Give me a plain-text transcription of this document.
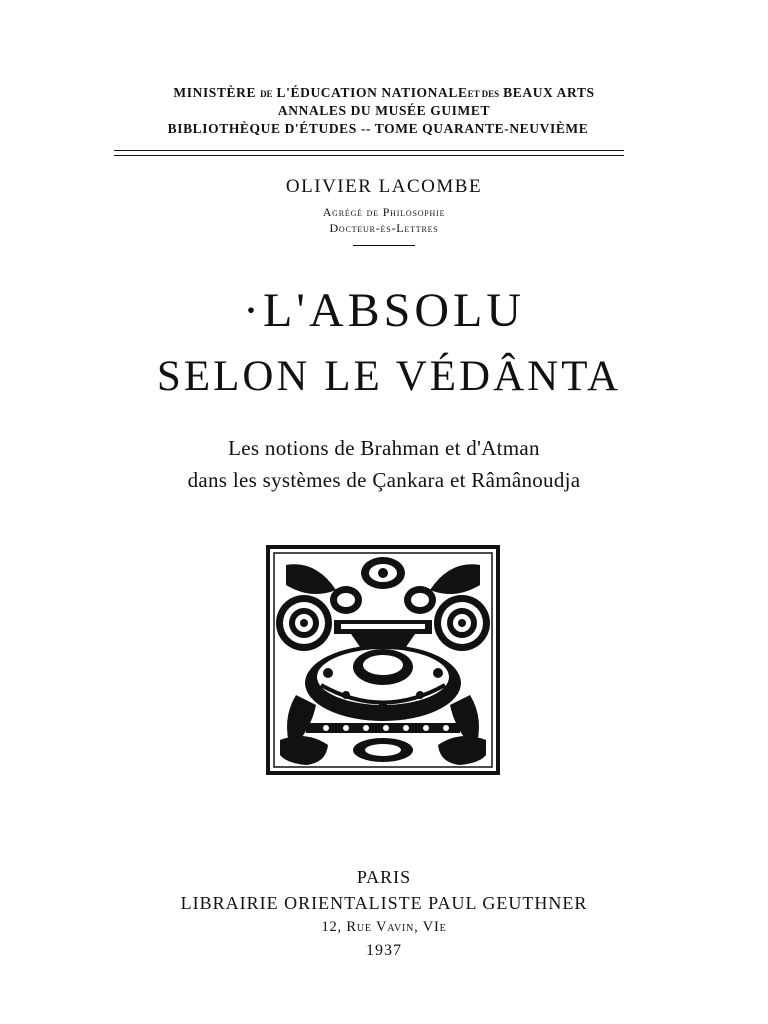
MINISTÈRE DE L'ÉDUCATION NATIONALEET DES BEAUX ARTS
ANNALES DU MUSÉE GUIMET
BIBLIOTHÈQUE D'ÉTUDES -- TOME QUARANTE-NEUVIÈME
OLIVIER LACOMBE
Agrégé de Philosophie
Docteur-ès-Lettres
·L'ABSOLU
SELON LE VÉDÂNTA
Les notions de Brahman et d'Atman
dans les systèmes de Çankara et Râmânoudja
PARIS
LIBRAIRIE ORIENTALISTE PAUL GEUTHNER
12, Rue Vavin, VIe
1937
